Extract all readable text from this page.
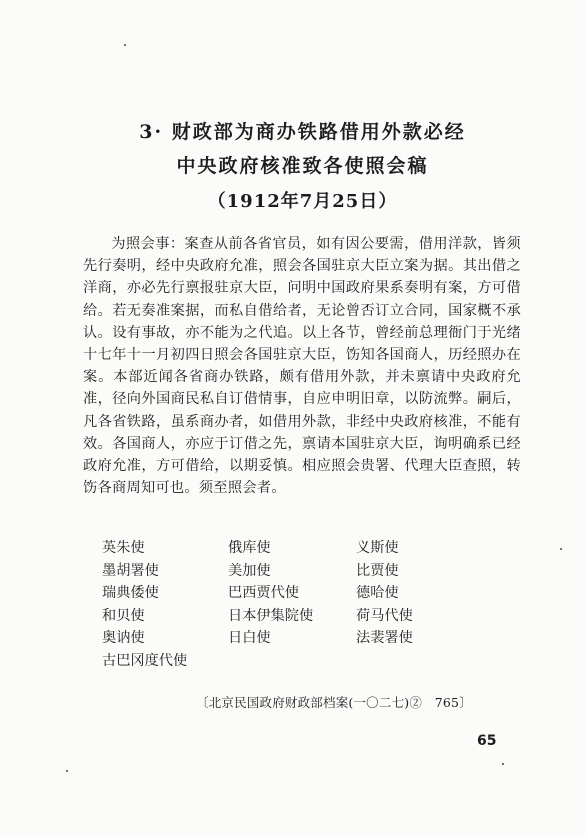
3· 财政部为商办铁路借用外款必经
中央政府核准致各使照会稿
（1912年7月25日）
为照会事：案查从前各省官员，如有因公要需，借用洋款，皆须先行奏明，经中央政府允准，照会各国驻京大臣立案为据。其出借之洋商，亦必先行禀报驻京大臣，问明中国政府果系奏明有案，方可借给。若无奏准案据，而私自借给者，无论曾否订立合同，国家概不承认。设有事故，亦不能为之代追。以上各节，曾经前总理衙门于光绪十七年十一月初四日照会各国驻京大臣，饬知各国商人，历经照办在案。本部近闻各省商办铁路，颇有借用外款，并未禀请中央政府允准，径向外国商民私自订借情事，自应申明旧章，以防流弊。嗣后，凡各省铁路，虽系商办者，如借用外款，非经中央政府核准，不能有效。各国商人，亦应于订借之先，禀请本国驻京大臣，询明确系已经政府允准，方可借给，以期妥慎。相应照会贵署、代理大臣查照，转饬各商周知可也。须至照会者。
英朱使	俄库使	义斯使
墨胡署使	美加使	比贾使
瑞典倭使	巴西贾代使	德哈使
和贝使	日本伊集院使	荷马代使
奥讷使	日白使	法裴署使
古巴冈度代使
〔北京民国政府财政部档案(一〇二七)②　765〕
65
